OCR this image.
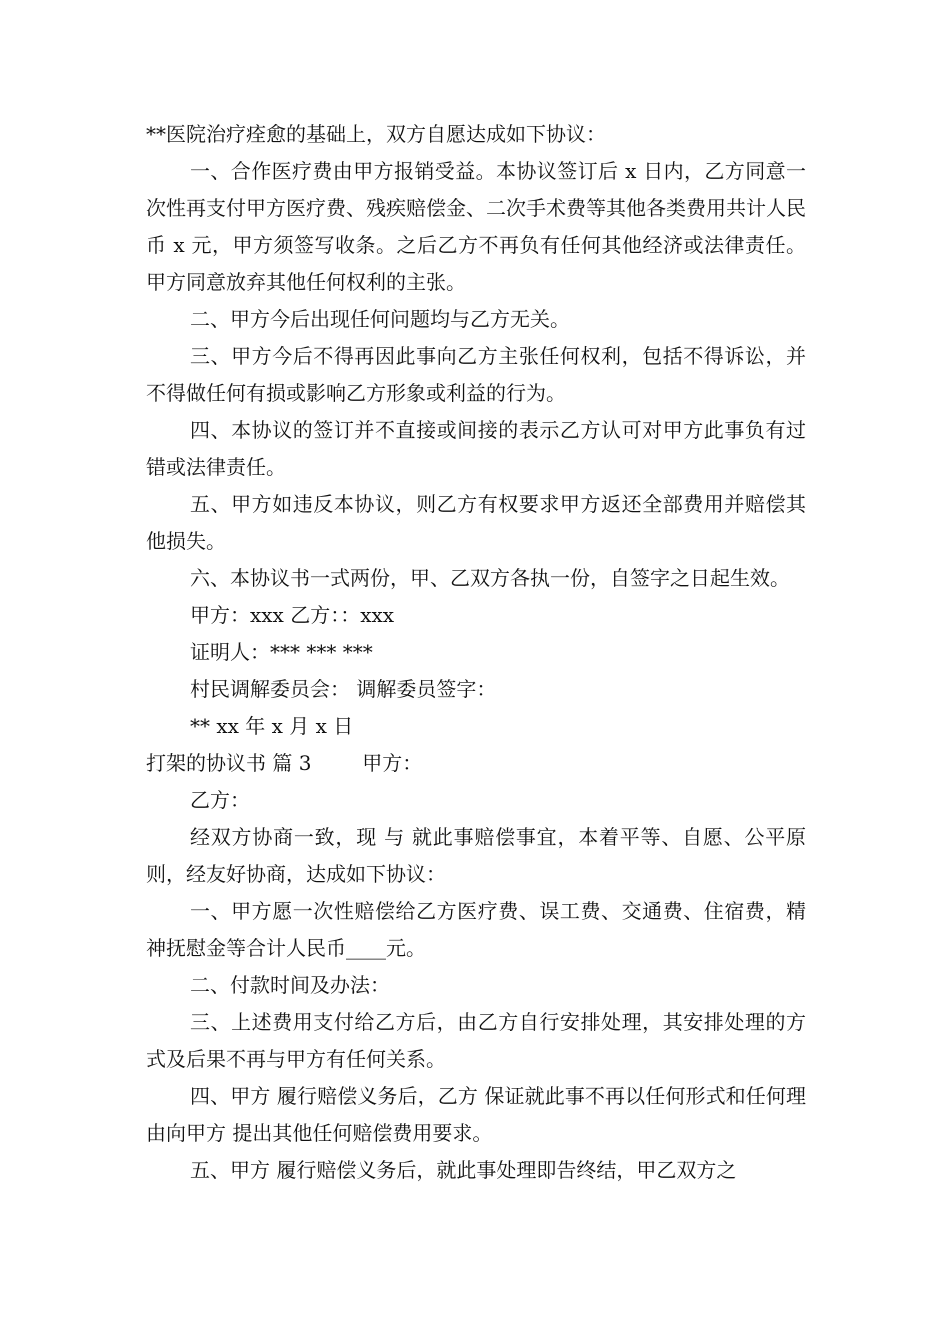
**医院治疗痊愈的基础上，双方自愿达成如下协议：

一、合作医疗费由甲方报销受益。本协议签订后 x 日内，乙方同意一次性再支付甲方医疗费、残疾赔偿金、二次手术费等其他各类费用共计人民币 x 元，甲方须签写收条。之后乙方不再负有任何其他经济或法律责任。甲方同意放弃其他任何权利的主张。

二、甲方今后出现任何问题均与乙方无关。

三、甲方今后不得再因此事向乙方主张任何权利，包括不得诉讼，并不得做任何有损或影响乙方形象或利益的行为。

四、本协议的签订并不直接或间接的表示乙方认可对甲方此事负有过错或法律责任。

五、甲方如违反本协议，则乙方有权要求甲方返还全部费用并赔偿其他损失。

六、本协议书一式两份，甲、乙双方各执一份，自签字之日起生效。

甲方：xxx 乙方：：xxx

证明人：*** *** ***

村民调解委员会： 调解委员签字：

** xx 年 x 月 x 日

打架的协议书 篇 3        甲方：

乙方：

经双方协商一致，现 与 就此事赔偿事宜，本着平等、自愿、公平原则，经友好协商，达成如下协议：

一、甲方愿一次性赔偿给乙方医疗费、误工费、交通费、住宿费，精神抚慰金等合计人民币____元。

二、付款时间及办法：

三、上述费用支付给乙方后，由乙方自行安排处理，其安排处理的方式及后果不再与甲方有任何关系。

四、甲方 履行赔偿义务后，乙方 保证就此事不再以任何形式和任何理由向甲方 提出其他任何赔偿费用要求。

五、甲方 履行赔偿义务后，就此事处理即告终结，甲乙双方之
